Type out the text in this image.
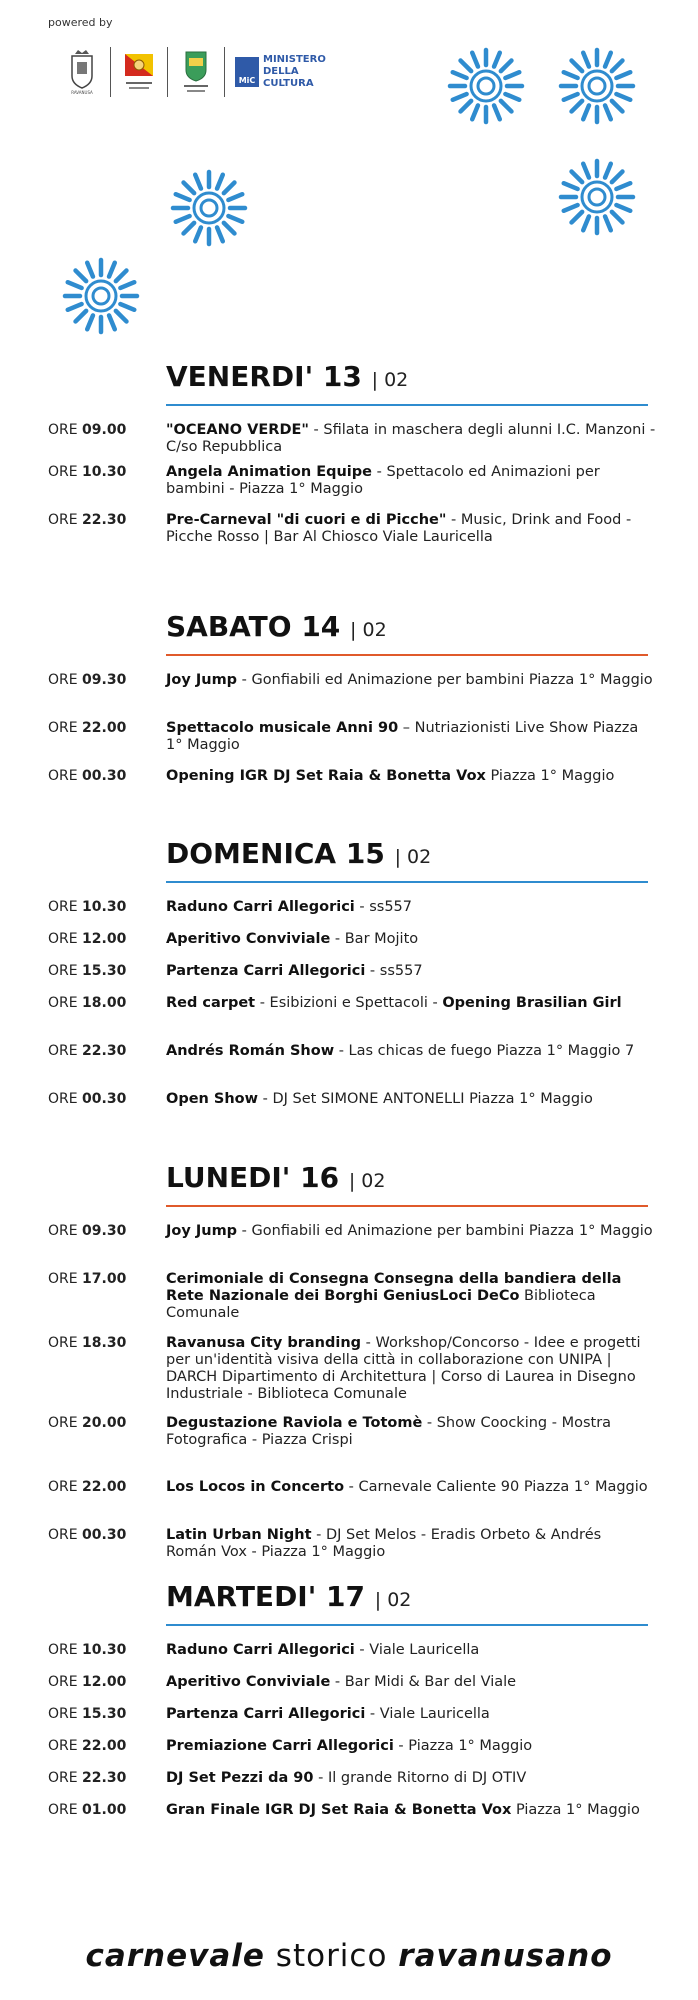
powered by
RAVANUSA
MiC
MINISTERO
DELLA
CULTURA
VENERDI' 13 | 02
ORE 09.00	"OCEANO VERDE" - Sfilata in maschera degli alunni I.C. Manzoni - C/so Repubblica
ORE 10.30	Angela Animation Equipe - Spettacolo ed Animazioni per bambini - Piazza 1° Maggio
ORE 22.30	Pre-Carneval "di cuori e di Picche" - Music, Drink and Food - Picche Rosso | Bar Al Chiosco Viale Lauricella
SABATO 14 | 02
ORE 09.30	Joy Jump - Gonfiabili ed Animazione per bambini Piazza 1° Maggio
ORE 22.00	Spettacolo musicale Anni 90 – Nutriazionisti Live Show Piazza 1° Maggio
ORE 00.30	Opening IGR DJ Set Raia & Bonetta Vox Piazza 1° Maggio
DOMENICA 15 | 02
ORE 10.30	Raduno Carri Allegorici - ss557
ORE 12.00	Aperitivo Conviviale - Bar Mojito
ORE 15.30	Partenza Carri Allegorici - ss557
ORE 18.00	Red carpet - Esibizioni e Spettacoli - Opening Brasilian Girl
ORE 22.30	Andrés Román Show - Las chicas de fuego Piazza 1° Maggio 7
ORE 00.30	Open Show - DJ Set SIMONE ANTONELLI Piazza 1° Maggio
LUNEDI' 16 | 02
ORE 09.30	Joy Jump - Gonfiabili ed Animazione per bambini Piazza 1° Maggio
ORE 17.00	Cerimoniale di Consegna Consegna della bandiera della Rete Nazionale dei Borghi GeniusLoci DeCo Biblioteca Comunale
ORE 18.30	Ravanusa City branding - Workshop/Concorso - Idee e progetti per un'identità visiva della città in collaborazione con UNIPA | DARCH Dipartimento di Architettura | Corso di Laurea in Disegno Industriale - Biblioteca Comunale
ORE 20.00	Degustazione Raviola e Totomè - Show Coocking - Mostra Fotografica - Piazza Crispi
ORE 22.00	Los Locos in Concerto - Carnevale Caliente 90 Piazza 1° Maggio
ORE 00.30	Latin Urban Night - DJ Set Melos - Eradis Orbeto & Andrés Román Vox - Piazza 1° Maggio
MARTEDI' 17 | 02
ORE 10.30	Raduno Carri Allegorici - Viale Lauricella
ORE 12.00	Aperitivo Conviviale - Bar Midi & Bar del Viale
ORE 15.30	Partenza Carri Allegorici - Viale Lauricella
ORE 22.00	Premiazione Carri Allegorici - Piazza 1° Maggio
ORE 22.30	DJ Set Pezzi da 90 - Il grande Ritorno di DJ OTIV
ORE 01.00	Gran Finale IGR DJ Set Raia & Bonetta Vox Piazza 1° Maggio
carnevale storico ravanusano
